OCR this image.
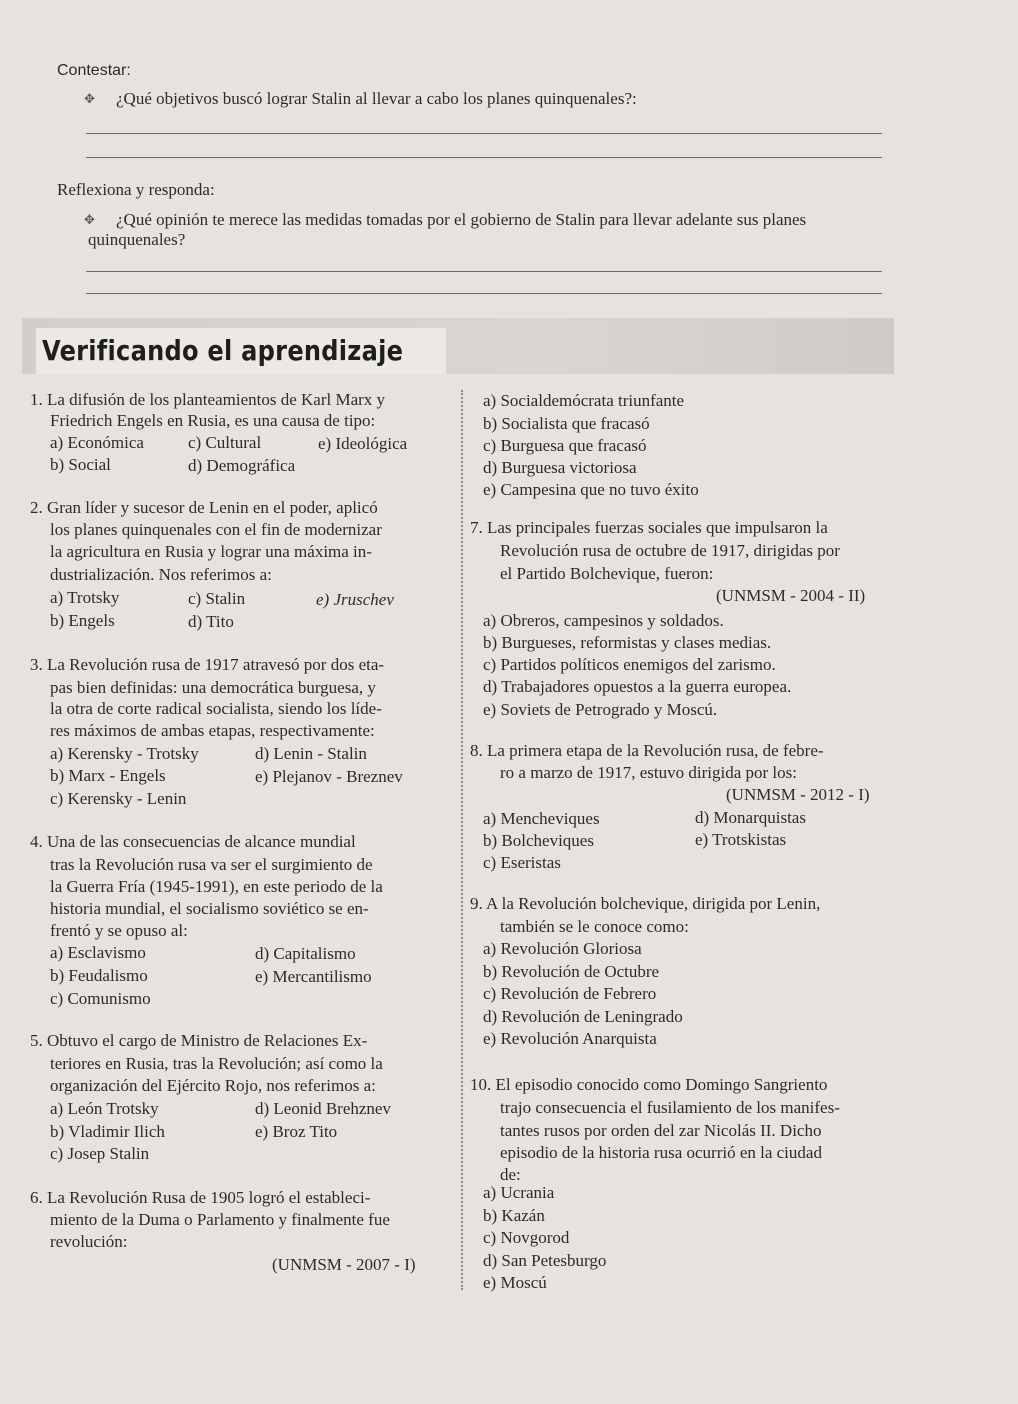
Contestar:
✥ ¿Qué objetivos buscó lograr Stalin al llevar a cabo los planes quinquenales?:
Reflexiona y responda:
✥ ¿Qué opinión te merece las medidas tomadas por el gobierno de Stalin para llevar adelante sus planes
quinquenales?
Verificando el aprendizaje
1. La difusión de los planteamientos de Karl Marx y
Friedrich Engels en Rusia, es una causa de tipo:
a) Económica	c) Cultural	e) Ideológica
b) Social	d) Demográfica
2. Gran líder y sucesor de Lenin en el poder, aplicó
los planes quinquenales con el fin de modernizar
la agricultura en Rusia y lograr una máxima in-
dustrialización. Nos referimos a:
a) Trotsky	c) Stalin	e) Jruschev
b) Engels	d) Tito
3. La Revolución rusa de 1917 atravesó por dos eta-
pas bien definidas: una democrática burguesa, y
la otra de corte radical socialista, siendo los líde-
res máximos de ambas etapas, respectivamente:
a) Kerensky - Trotsky	d) Lenin - Stalin
b) Marx - Engels	e) Plejanov - Breznev
c) Kerensky - Lenin
4. Una de las consecuencias de alcance mundial
tras la Revolución rusa va ser el surgimiento de
la Guerra Fría (1945-1991), en este periodo de la
historia mundial, el socialismo soviético se en-
frentó y se opuso al:
a) Esclavismo	d) Capitalismo
b) Feudalismo	e) Mercantilismo
c) Comunismo
5. Obtuvo el cargo de Ministro de Relaciones Ex-
teriores en Rusia, tras la Revolución; así como la
organización del Ejército Rojo, nos referimos a:
a) León Trotsky	d) Leonid Brehznev
b) Vladimir Ilich	e) Broz Tito
c) Josep Stalin
6. La Revolución Rusa de 1905 logró el estableci-
miento de la Duma o Parlamento y finalmente fue
revolución:
(UNMSM - 2007 - I)
a) Socialdemócrata triunfante
b) Socialista que fracasó
c) Burguesa que fracasó
d) Burguesa victoriosa
e) Campesina que no tuvo éxito
7. Las principales fuerzas sociales que impulsaron la
Revolución rusa de octubre de 1917, dirigidas por
el Partido Bolchevique, fueron:
(UNMSM - 2004 - II)
a) Obreros, campesinos y soldados.
b) Burgueses, reformistas y clases medias.
c) Partidos políticos enemigos del zarismo.
d) Trabajadores opuestos a la guerra europea.
e) Soviets de Petrogrado y Moscú.
8. La primera etapa de la Revolución rusa, de febre-
ro a marzo de 1917, estuvo dirigida por los:
(UNMSM - 2012 - I)
a) Mencheviques	d) Monarquistas
b) Bolcheviques	e) Trotskistas
c) Eseristas
9. A la Revolución bolchevique, dirigida por Lenin,
también se le conoce como:
a) Revolución Gloriosa
b) Revolución de Octubre
c) Revolución de Febrero
d) Revolución de Leningrado
e) Revolución Anarquista
10. El episodio conocido como Domingo Sangriento
trajo consecuencia el fusilamiento de los manifes-
tantes rusos por orden del zar Nicolás II. Dicho
episodio de la historia rusa ocurrió en la ciudad
de:
a) Ucrania
b) Kazán
c) Novgorod
d) San Petesburgo
e) Moscú
